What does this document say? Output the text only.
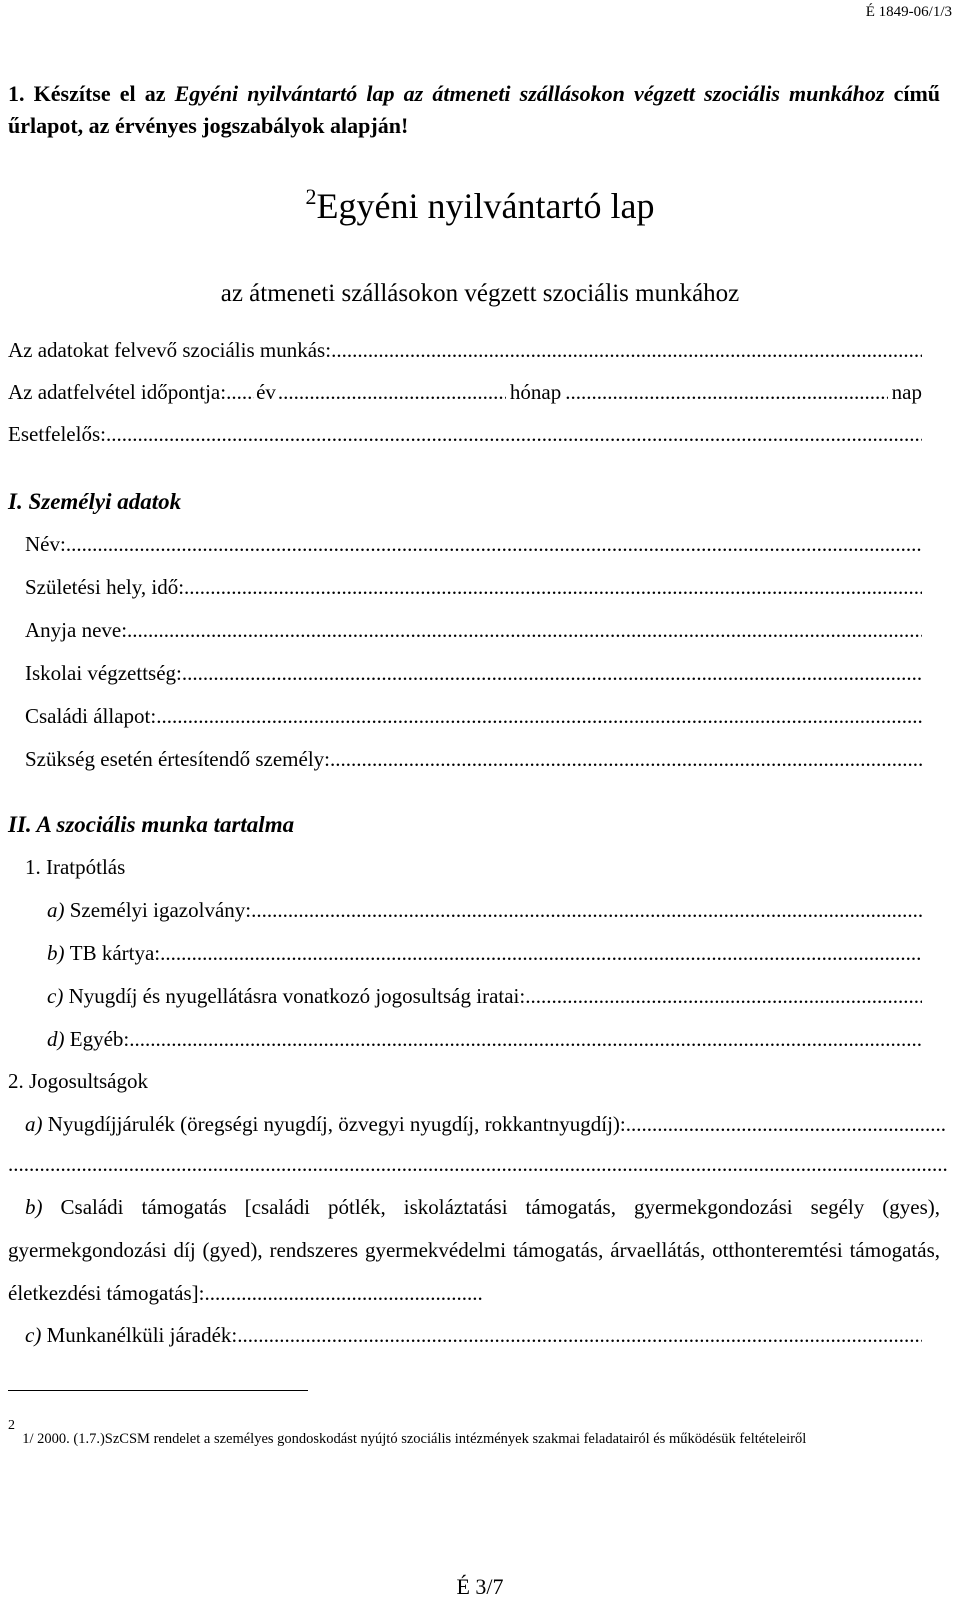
É 1849-06/1/3
1. Készítse el az Egyéni nyilvántartó lap az átmeneti szállásokon végzett szociális munkához című űrlapot, az érvényes jogszabályok alapján!
$^2$Egyéni nyilvántartó lap
az átmeneti szállásokon végzett szociális munkához
Az adatokat felvevő szociális munkás:
.....
Az adatfelvétel időpontja: ..... év .....	hónap .....	nap
Esetfelelős:
.....
I. Személyi adatok
Név:
.....
Születési hely, idő:
.....
Anyja neve:
.....
Iskolai végzettség:
.....
Családi állapot:
.....
Szükség esetén értesítendő személy:
.....
II. A szociális munka tartalma
1. Iratpótlás
a)
Személyi igazolvány:
.....
b)
TB kártya:
.....
c)
Nyugdíj és nyugellátásra vonatkozó jogosultság iratai:
.....
d)
Egyéb:
.....
2. Jogosultságok
a)
Nyugdíjjárulék (öregségi nyugdíj, özvegyi nyugdíj, rokkantnyugdíj):
.....
.....
b) Családi támogatás [családi pótlék, iskoláztatási támogatás, gyermekgondozási segély (gyes), gyermekgondozási díj (gyed), rendszeres gyermekvédelmi támogatás, árvaellátás, otthonteremtési támogatás, életkezdési támogatás]:.....................................................
c)
Munkanélküli járadék:
.....
$^2$  1/ 2000. (1.7.)SzCSM rendelet a személyes gondoskodást nyújtó szociális intézmények szakmai feladatairól és működésük feltételeiről
É 3/7
